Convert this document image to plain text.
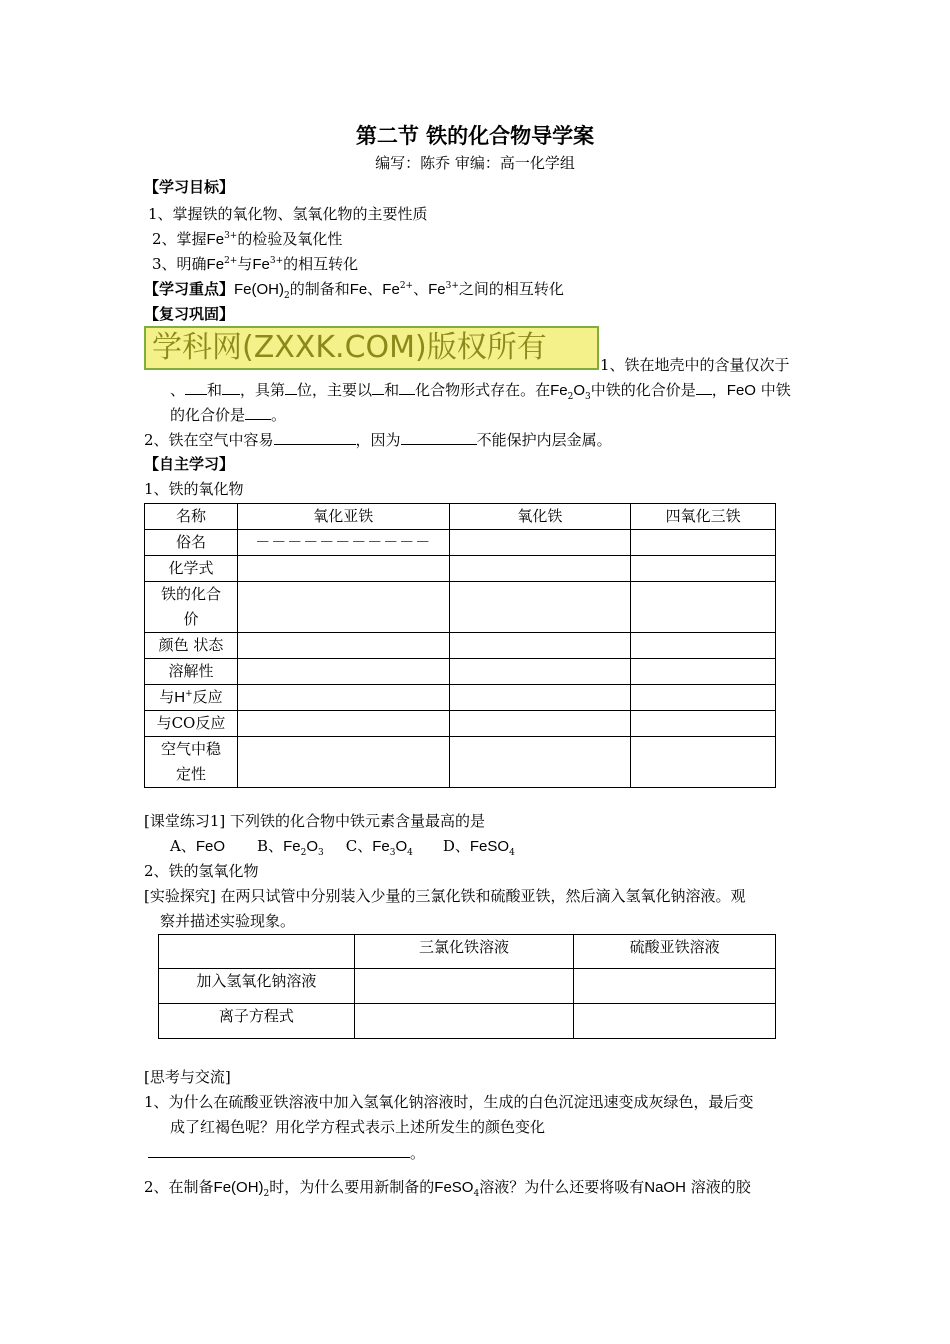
第二节 铁的化合物导学案
编写：陈乔 审编：高一化学组
【学习目标】
1、掌握铁的氧化物、氢氧化物的主要性质
2、掌握$Fe^{3+}$的检验及氧化性
3、明确$Fe^{2+}$与$Fe^{3+}$的相互转化
【学习重点】$Fe(OH)_2$的制备和Fe、$Fe^{2+}$、$Fe^{3+}$之间的相互转化
【复习巩固】
学科网(ZXXK.COM)版权所有	1、铁在地壳中的含量仅次于
、 和 ，具第 位，主要以 和 化合物形式存在。在$Fe_2O_3$中铁的化合价是 ，FeO 中铁
的化合价是 。
2、铁在空气中容易	，因为	不能保护内层金属。
【自主学习】
1、铁的氧化物
名称	氧化亚铁	氧化铁	四氧化三铁
俗名	－－－－－－－－－－－		
化学式			
铁的化合价			
颜色 状态			
溶解性			
与H+反应			
与CO反应			
空气中稳定性			
[课堂练习1] 下列铁的化合物中铁元素含量最高的是
A、FeO B、$Fe_2O_3$ C、$Fe_3O_4$ D、FeSO$_4$
2、铁的氢氧化物
[实验探究] 在两只试管中分别装入少量的三氯化铁和硫酸亚铁，然后滴入氢氧化钠溶液。观
察并描述实验现象。
	三氯化铁溶液	硫酸亚铁溶液
加入氢氧化钠溶液		
离子方程式		
[思考与交流]
1、为什么在硫酸亚铁溶液中加入氢氧化钠溶液时，生成的白色沉淀迅速变成灰绿色，最后变
成了红褐色呢？用化学方程式表示上述所发生的颜色变化
。
2、在制备$Fe(OH)_2$时，为什么要用新制备的FeSO$_4$溶液？为什么还要将吸有NaOH 溶液的胶
